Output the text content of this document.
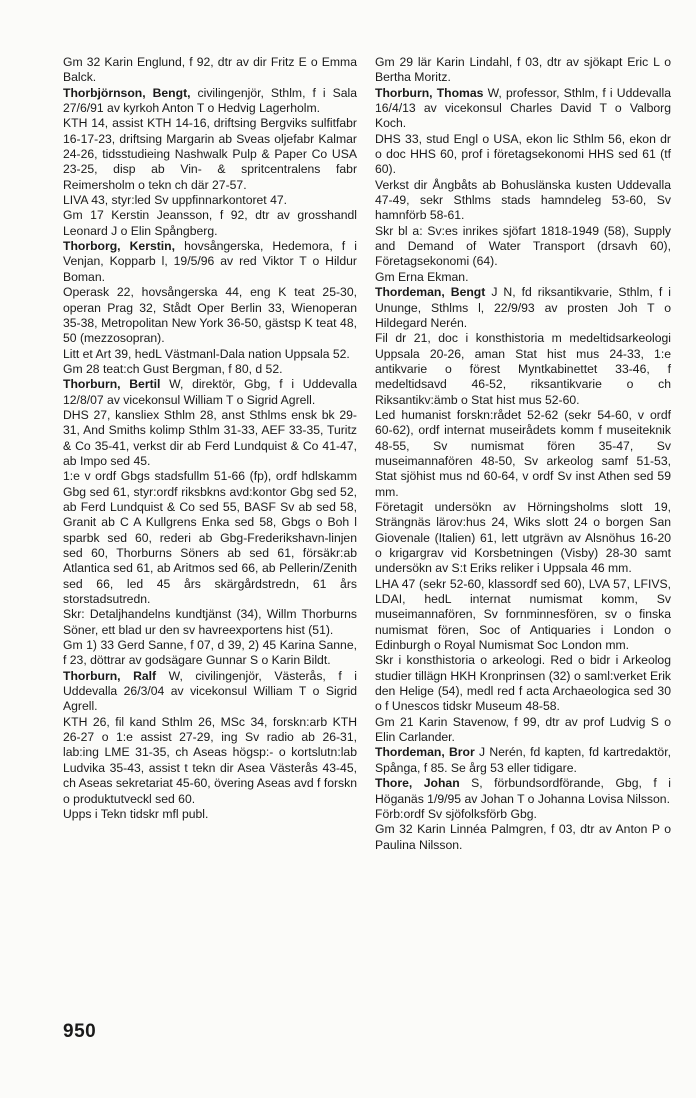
Gm 32 Karin Englund, f 92, dtr av dir Fritz E o Emma Balck.
Thorbjörnson, Bengt, civilingenjör, Sthlm, f i Sala 27/6/91 av kyrkoh Anton T o Hedvig Lagerholm.
KTH 14, assist KTH 14-16, driftsing Bergviks sulfitfabr 16-17-23, driftsing Margarin ab Sveas oljefabr Kalmar 24-26, tidsstudieing Nashwalk Pulp & Paper Co USA 23-25, disp ab Vin- & spritcentralens fabr Reimersholm o tekn ch där 27-57.
LIVA 43, styr:led Sv uppfinnarkontoret 47.
Gm 17 Kerstin Jeansson, f 92, dtr av grosshandl Leonard J o Elin Spångberg.
Thorborg, Kerstin, hovsångerska, Hedemora, f i Venjan, Kopparb l, 19/5/96 av red Viktor T o Hildur Boman.
Operask 22, hovsångerska 44, eng K teat 25-30, operan Prag 32, Stådt Oper Berlin 33, Wienoperan 35-38, Metropolitan New York 36-50, gästsp K teat 48, 50 (mezzosopran).
Litt et Art 39, hedL Västmanl-Dala nation Uppsala 52.
Gm 28 teat:ch Gust Bergman, f 80, d 52.
Thorburn, Bertil W, direktör, Gbg, f i Uddevalla 12/8/07 av vicekonsul William T o Sigrid Agrell.
DHS 27, kansliex Sthlm 28, anst Sthlms ensk bk 29-31, And Smiths kolimp Sthlm 31-33, AEF 33-35, Turitz & Co 35-41, verkst dir ab Ferd Lundquist & Co 41-47, ab Impo sed 45.
1:e v ordf Gbgs stadsfullm 51-66 (fp), ordf hdlskamm Gbg sed 61, styr:ordf riksbkns avd:kontor Gbg sed 52, ab Ferd Lundquist & Co sed 55, BASF Sv ab sed 58, Granit ab C A Kullgrens Enka sed 58, Gbgs o Boh l sparbk sed 60, rederi ab Gbg-Frederikshavn-linjen sed 60, Thorburns Söners ab sed 61, försäkr:ab Atlantica sed 61, ab Aritmos sed 66, ab Pellerin/Zenith sed 66, led 45 års skärgårdstredn, 61 års storstadsutredn.
Skr: Detaljhandelns kundtjänst (34), Willm Thorburns Söner, ett blad ur den sv havreexportens hist (51).
Gm 1) 33 Gerd Sanne, f 07, d 39, 2) 45 Karina Sanne, f 23, döttrar av godsägare Gunnar S o Karin Bildt.
Thorburn, Ralf W, civilingenjör, Västerås, f i Uddevalla 26/3/04 av vicekonsul William T o Sigrid Agrell.
KTH 26, fil kand Sthlm 26, MSc 34, forskn:arb KTH 26-27 o 1:e assist 27-29, ing Sv radio ab 26-31, lab:ing LME 31-35, ch Aseas högsp:- o kortslutn:lab Ludvika 35-43, assist t tekn dir Asea Västerås 43-45, ch Aseas sekretariat 45-60, övering Aseas avd f forskn o produktutveckl sed 60.
Upps i Tekn tidskr mfl publ.
Gm 29 lär Karin Lindahl, f 03, dtr av sjökapt Eric L o Bertha Moritz.
Thorburn, Thomas W, professor, Sthlm, f i Uddevalla 16/4/13 av vicekonsul Charles David T o Valborg Koch.
DHS 33, stud Engl o USA, ekon lic Sthlm 56, ekon dr o doc HHS 60, prof i företagsekonomi HHS sed 61 (tf 60).
Verkst dir Ångbåts ab Bohuslänska kusten Uddevalla 47-49, sekr Sthlms stads hamndeleg 53-60, Sv hamnförb 58-61.
Skr bl a: Sv:es inrikes sjöfart 1818-1949 (58), Supply and Demand of Water Transport (drsavh 60), Företagsekonomi (64).
Gm Erna Ekman.
Thordeman, Bengt J N, fd riksantikvarie, Sthlm, f i Ununge, Sthlms l, 22/9/93 av prosten Joh T o Hildegard Nerén.
Fil dr 21, doc i konsthistoria m medeltidsarkeologi Uppsala 20-26, aman Stat hist mus 24-33, 1:e antikvarie o förest Myntkabinettet 33-46, f medeltidsavd 46-52, riksantikvarie o ch Riksantikv:ämb o Stat hist mus 52-60.
Led humanist forskn:rådet 52-62 (sekr 54-60, v ordf 60-62), ordf internat museirådets komm f museiteknik 48-55, Sv numismat fören 35-47, Sv museimannafören 48-50, Sv arkeolog samf 51-53, Stat sjöhist mus nd 60-64, v ordf Sv inst Athen sed 59 mm.
Företagit undersökn av Hörningsholms slott 19, Strängnäs lärov:hus 24, Wiks slott 24 o borgen San Giovenale (Italien) 61, lett utgrävn av Alsnöhus 16-20 o krigargrav vid Korsbetningen (Visby) 28-30 samt undersökn av S:t Eriks reliker i Uppsala 46 mm.
LHA 47 (sekr 52-60, klassordf sed 60), LVA 57, LFIVS, LDAI, hedL internat numismat komm, Sv museimannafören, Sv fornminnesfören, sv o finska numismat fören, Soc of Antiquaries i London o Edinburgh o Royal Numismat Soc London mm.
Skr i konsthistoria o arkeologi. Red o bidr i Arkeolog studier tillägn HKH Kronprinsen (32) o saml:verket Erik den Helige (54), medl red f acta Archaeologica sed 30 o f Unescos tidskr Museum 48-58.
Gm 21 Karin Stavenow, f 99, dtr av prof Ludvig S o Elin Carlander.
Thordeman, Bror J Nerén, fd kapten, fd kartredaktör, Spånga, f 85. Se årg 53 eller tidigare.
Thore, Johan S, förbundsordförande, Gbg, f i Höganäs 1/9/95 av Johan T o Johanna Lovisa Nilsson.
Förb:ordf Sv sjöfolksförb Gbg.
Gm 32 Karin Linnéa Palmgren, f 03, dtr av Anton P o Paulina Nilsson.
950
